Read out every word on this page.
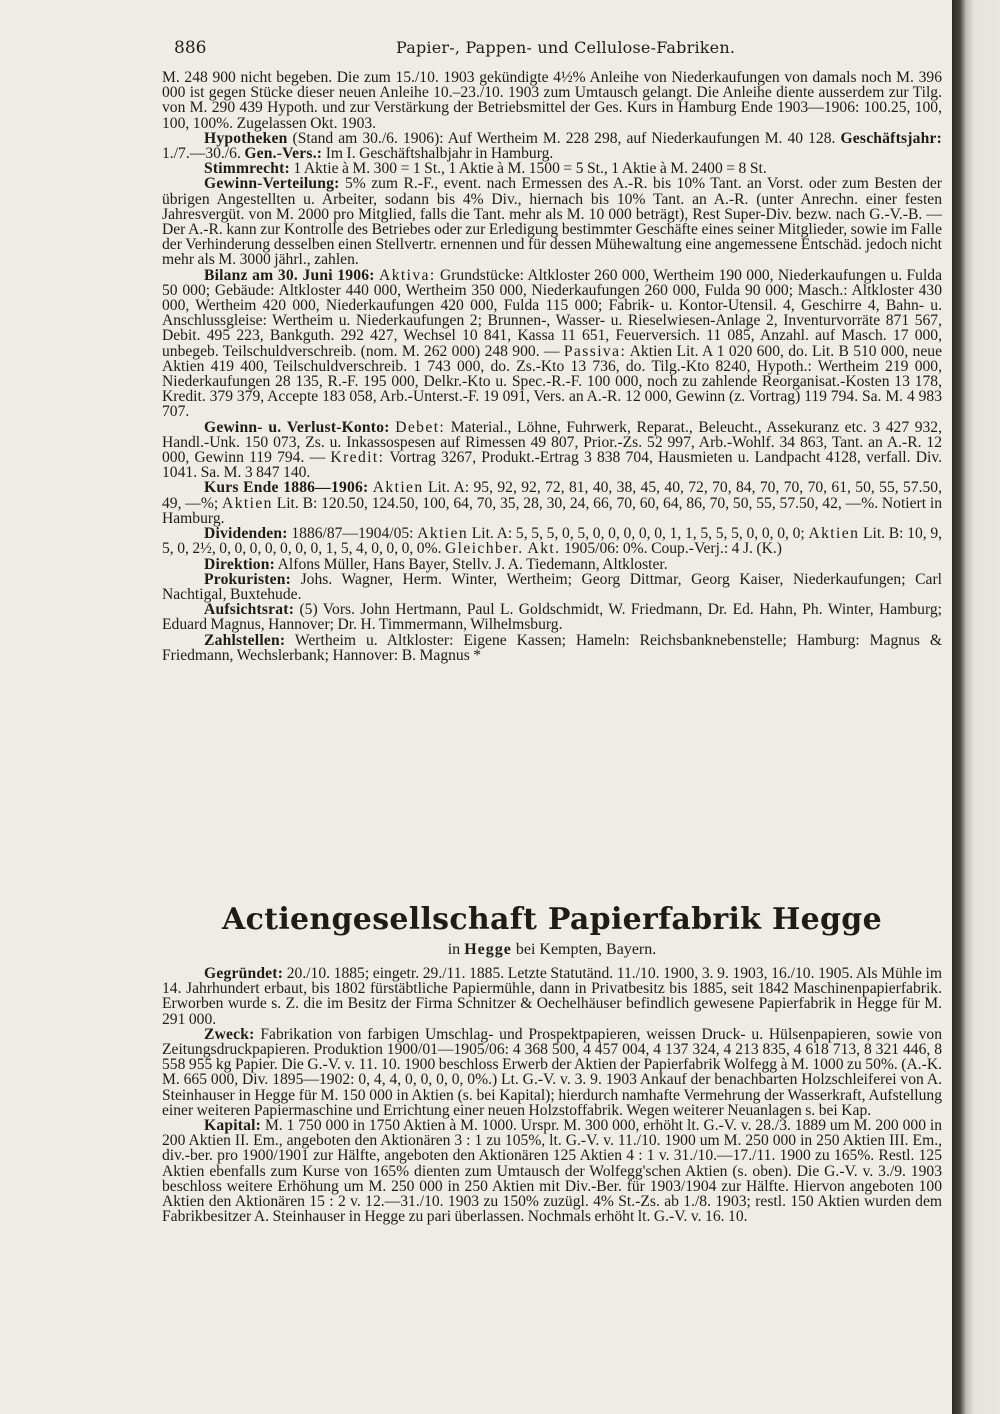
886	Papier-, Pappen- und Cellulose-Fabriken.

M. 248 900 nicht begeben. Die zum 15./10. 1903 gekündigte 4½% Anleihe von Niederkaufungen von damals noch M. 396 000 ist gegen Stücke dieser neuen Anleihe 10.–23./10. 1903 zum Umtausch gelangt. Die Anleihe diente ausserdem zur Tilg. von M. 290 439 Hypoth. und zur Verstärkung der Betriebsmittel der Ges. Kurs in Hamburg Ende 1903—1906: 100.25, 100, 100, 100%. Zugelassen Okt. 1903.

Hypotheken (Stand am 30./6. 1906): Auf Wertheim M. 228 298, auf Niederkaufungen M. 40 128. Geschäftsjahr: 1./7.—30./6. Gen.-Vers.: Im I. Geschäftshalbjahr in Hamburg.

Stimmrecht: 1 Aktie à M. 300 = 1 St., 1 Aktie à M. 1500 = 5 St., 1 Aktie à M. 2400 = 8 St.

Gewinn-Verteilung: 5% zum R.-F., event. nach Ermessen des A.-R. bis 10% Tant. an Vorst. oder zum Besten der übrigen Angestellten u. Arbeiter, sodann bis 4% Div., hiernach bis 10% Tant. an A.-R. (unter Anrechn. einer festen Jahresvergüt. von M. 2000 pro Mitglied, falls die Tant. mehr als M. 10 000 beträgt), Rest Super-Div. bezw. nach G.-V.-B. — Der A.-R. kann zur Kontrolle des Betriebes oder zur Erledigung bestimmter Geschäfte eines seiner Mitglieder, sowie im Falle der Verhinderung desselben einen Stellvertr. ernennen und für dessen Mühewaltung eine angemessene Entschäd. jedoch nicht mehr als M. 3000 jährl., zahlen.

Bilanz am 30. Juni 1906: Aktiva: Grundstücke: Altkloster 260 000, Wertheim 190 000, Niederkaufungen u. Fulda 50 000; Gebäude: Altkloster 440 000, Wertheim 350 000, Niederkaufungen 260 000, Fulda 90 000; Masch.: Altkloster 430 000, Wertheim 420 000, Niederkaufungen 420 000, Fulda 115 000; Fabrik- u. Kontor-Utensil. 4, Geschirre 4, Bahn- u. Anschlussgleise: Wertheim u. Niederkaufungen 2; Brunnen-, Wasser- u. Rieselwiesen-Anlage 2, Inventurvorräte 871 567, Debit. 495 223, Bankguth. 292 427, Wechsel 10 841, Kassa 11 651, Feuerversich. 11 085, Anzahl. auf Masch. 17 000, unbegeb. Teilschuldverschreib. (nom. M. 262 000) 248 900. — Passiva: Aktien Lit. A 1 020 600, do. Lit. B 510 000, neue Aktien 419 400, Teilschuldverschreib. 1 743 000, do. Zs.-Kto 13 736, do. Tilg.-Kto 8240, Hypoth.: Wertheim 219 000, Niederkaufungen 28 135, R.-F. 195 000, Delkr.-Kto u. Spec.-R.-F. 100 000, noch zu zahlende Reorganisat.-Kosten 13 178, Kredit. 379 379, Accepte 183 058, Arb.-Unterst.-F. 19 091, Vers. an A.-R. 12 000, Gewinn (z. Vortrag) 119 794. Sa. M. 4 983 707.

Gewinn- u. Verlust-Konto: Debet: Material., Löhne, Fuhrwerk, Reparat., Beleucht., Assekuranz etc. 3 427 932, Handl.-Unk. 150 073, Zs. u. Inkassospesen auf Rimessen 49 807, Prior.-Zs. 52 997, Arb.-Wohlf. 34 863, Tant. an A.-R. 12 000, Gewinn 119 794. — Kredit: Vortrag 3267, Produkt.-Ertrag 3 838 704, Hausmieten u. Landpacht 4128, verfall. Div. 1041. Sa. M. 3 847 140.

Kurs Ende 1886—1906: Aktien Lit. A: 95, 92, 92, 72, 81, 40, 38, 45, 40, 72, 70, 84, 70, 70, 70, 61, 50, 55, 57.50, 49, —%; Aktien Lit. B: 120.50, 124.50, 100, 64, 70, 35, 28, 30, 24, 66, 70, 60, 64, 86, 70, 50, 55, 57.50, 42, —%. Notiert in Hamburg.

Dividenden: 1886/87—1904/05: Aktien Lit. A: 5, 5, 5, 0, 5, 0, 0, 0, 0, 0, 1, 1, 5, 5, 5, 0, 0, 0, 0; Aktien Lit. B: 10, 9, 5, 0, 2½, 0, 0, 0, 0, 0, 0, 0, 1, 5, 4, 0, 0, 0, 0%. Gleichber. Akt. 1905/06: 0%. Coup.-Verj.: 4 J. (K.)

Direktion: Alfons Müller, Hans Bayer, Stellv. J. A. Tiedemann, Altkloster.

Prokuristen: Johs. Wagner, Herm. Winter, Wertheim; Georg Dittmar, Georg Kaiser, Niederkaufungen; Carl Nachtigal, Buxtehude.

Aufsichtsrat: (5) Vors. John Hertmann, Paul L. Goldschmidt, W. Friedmann, Dr. Ed. Hahn, Ph. Winter, Hamburg; Eduard Magnus, Hannover; Dr. H. Timmermann, Wilhelmsburg.

Zahlstellen: Wertheim u. Altkloster: Eigene Kassen; Hameln: Reichsbanknebenstelle; Hamburg: Magnus & Friedmann, Wechslerbank; Hannover: B. Magnus *

Actiengesellschaft Papierfabrik Hegge
in Hegge bei Kempten, Bayern.

Gegründet: 20./10. 1885; eingetr. 29./11. 1885. Letzte Statutänd. 11./10. 1900, 3. 9. 1903, 16./10. 1905. Als Mühle im 14. Jahrhundert erbaut, bis 1802 fürstäbtliche Papiermühle, dann in Privatbesitz bis 1885, seit 1842 Maschinenpapierfabrik. Erworben wurde s. Z. die im Besitz der Firma Schnitzer & Oechelhäuser befindlich gewesene Papierfabrik in Hegge für M. 291 000.

Zweck: Fabrikation von farbigen Umschlag- und Prospektpapieren, weissen Druck- u. Hülsenpapieren, sowie von Zeitungsdruckpapieren. Produktion 1900/01—1905/06: 4 368 500, 4 457 004, 4 137 324, 4 213 835, 4 618 713, 8 321 446, 8 558 955 kg Papier. Die G.-V. v. 11. 10. 1900 beschloss Erwerb der Aktien der Papierfabrik Wolfegg à M. 1000 zu 50%. (A.-K. M. 665 000, Div. 1895—1902: 0, 4, 4, 0, 0, 0, 0, 0%.) Lt. G.-V. v. 3. 9. 1903 Ankauf der benachbarten Holzschleiferei von A. Steinhauser in Hegge für M. 150 000 in Aktien (s. bei Kapital); hierdurch namhafte Vermehrung der Wasserkraft, Aufstellung einer weiteren Papiermaschine und Errichtung einer neuen Holzstoffabrik. Wegen weiterer Neuanlagen s. bei Kap.

Kapital: M. 1 750 000 in 1750 Aktien à M. 1000. Urspr. M. 300 000, erhöht lt. G.-V. v. 28./3. 1889 um M. 200 000 in 200 Aktien II. Em., angeboten den Aktionären 3 : 1 zu 105%, lt. G.-V. v. 11./10. 1900 um M. 250 000 in 250 Aktien III. Em., div.-ber. pro 1900/1901 zur Hälfte, angeboten den Aktionären 125 Aktien 4 : 1 v. 31./10.—17./11. 1900 zu 165%. Restl. 125 Aktien ebenfalls zum Kurse von 165% dienten zum Umtausch der Wolfegg'schen Aktien (s. oben). Die G.-V. v. 3./9. 1903 beschloss weitere Erhöhung um M. 250 000 in 250 Aktien mit Div.-Ber. für 1903/1904 zur Hälfte. Hiervon angeboten 100 Aktien den Aktionären 15 : 2 v. 12.—31./10. 1903 zu 150% zuzügl. 4% St.-Zs. ab 1./8. 1903; restl. 150 Aktien wurden dem Fabrikbesitzer A. Steinhauser in Hegge zu pari überlassen. Nochmals erhöht lt. G.-V. v. 16. 10.
